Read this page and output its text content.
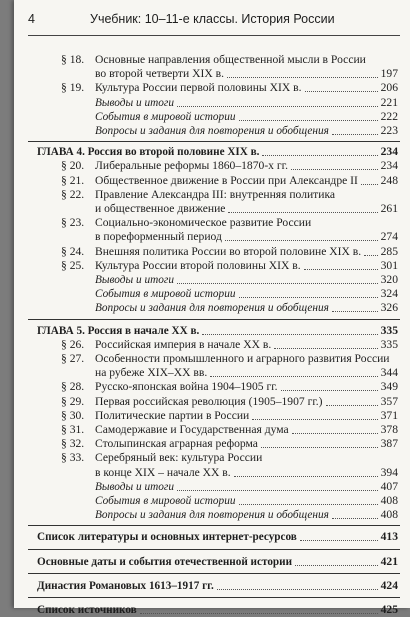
4	Учебник: 10–11-е классы. История России
§ 18. Основные направления общественной мысли в России
во второй четверти XIX в.	197
§ 19. Культура России первой половины XIX в.	206
Выводы и итоги	221
События в мировой истории	222
Вопросы и задания для повторения и обобщения	223
ГЛАВА 4. Россия во второй половине XIX в.	234
§ 20. Либеральные реформы 1860–1870-х гг.	234
§ 21. Общественное движение в России при Александре II 248
§ 22. Правление Александра III: внутренняя политика
и общественное движение	261
§ 23. Социально-экономическое развитие России
в пореформенный период	274
§ 24. Внешняя политика России во второй половине XIX в. 285
§ 25. Культура России второй половины XIX в.	301
Выводы и итоги	320
События в мировой истории	324
Вопросы и задания для повторения и обобщения	326
ГЛАВА 5. Россия в начале XX в.	335
§ 26. Российская империя в начале XX в.	335
§ 27. Особенности промышленного и аграрного развития России
на рубеже XIX–XX вв.	344
§ 28. Русско-японская война 1904–1905 гг.	349
§ 29. Первая российская революция (1905–1907 гг.)	357
§ 30. Политические партии в России	371
§ 31. Самодержавие и Государственная дума	378
§ 32. Столыпинская аграрная реформа	387
§ 33. Серебряный век: культура России
в конце XIX – начале XX в.	394
Выводы и итоги	407
События в мировой истории	408
Вопросы и задания для повторения и обобщения	408
Список литературы и основных интернет-ресурсов	413
Основные даты и события отечественной истории	421
Династия Романовых 1613–1917 гг.	424
Список источников	425
